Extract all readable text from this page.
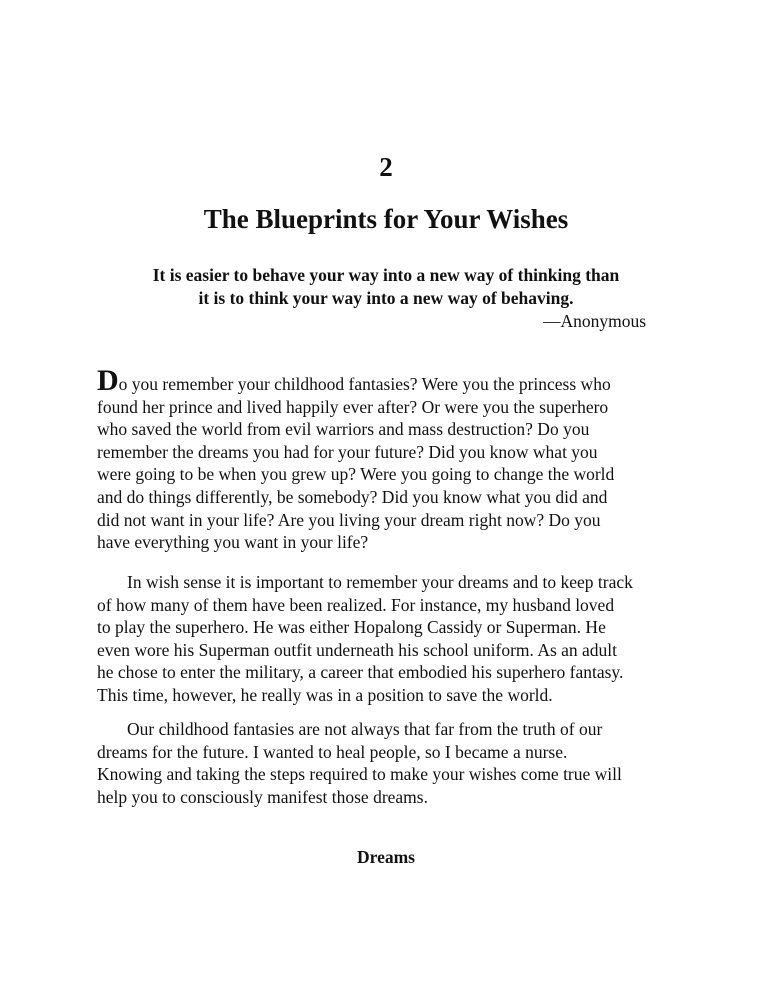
2
The Blueprints for Your Wishes
It is easier to behave your way into a new way of thinking than
it is to think your way into a new way of behaving.
—Anonymous
Do you remember your childhood fantasies? Were you the princess who
found her prince and lived happily ever after? Or were you the superhero
who saved the world from evil warriors and mass destruction? Do you
remember the dreams you had for your future? Did you know what you
were going to be when you grew up? Were you going to change the world
and do things differently, be somebody? Did you know what you did and
did not want in your life? Are you living your dream right now? Do you
have everything you want in your life?
In wish sense it is important to remember your dreams and to keep track
of how many of them have been realized. For instance, my husband loved
to play the superhero. He was either Hopalong Cassidy or Superman. He
even wore his Superman outfit underneath his school uniform. As an adult
he chose to enter the military, a career that embodied his superhero fantasy.
This time, however, he really was in a position to save the world.
Our childhood fantasies are not always that far from the truth of our
dreams for the future. I wanted to heal people, so I became a nurse.
Knowing and taking the steps required to make your wishes come true will
help you to consciously manifest those dreams.
Dreams
